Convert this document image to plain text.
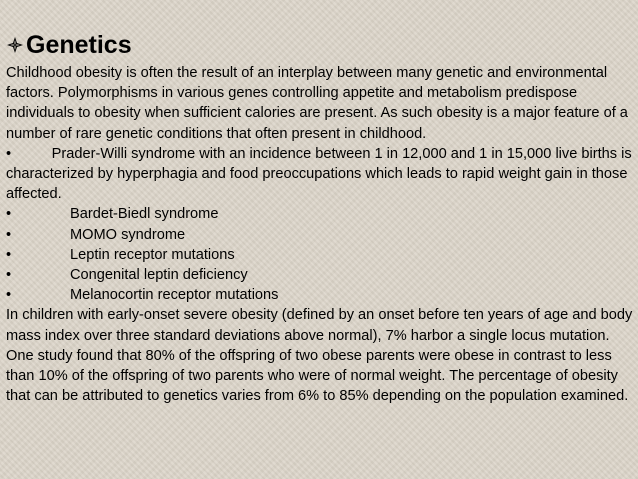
Genetics

Childhood obesity is often the result of an interplay between many genetic and environmental factors. Polymorphisms in various genes controlling appetite and metabolism predispose individuals to obesity when sufficient calories are present. As such obesity is a major feature of a number of rare genetic conditions that often present in childhood.

•          Prader-Willi syndrome with an incidence between 1 in 12,000 and 1 in 15,000 live births is characterized by hyperphagia and food preoccupations which leads to rapid weight gain in those affected.

•	Bardet-Biedl syndrome
•	MOMO syndrome
•	Leptin receptor mutations
•	Congenital leptin deficiency
•	Melanocortin receptor mutations

In children with early-onset severe obesity (defined by an onset before ten years of age and body mass index over three standard deviations above normal), 7% harbor a single locus mutation. One study found that 80% of the offspring of two obese parents were obese in contrast to less than 10% of the offspring of two parents who were of normal weight. The percentage of obesity that can be attributed to genetics varies from 6% to 85% depending on the population examined.
